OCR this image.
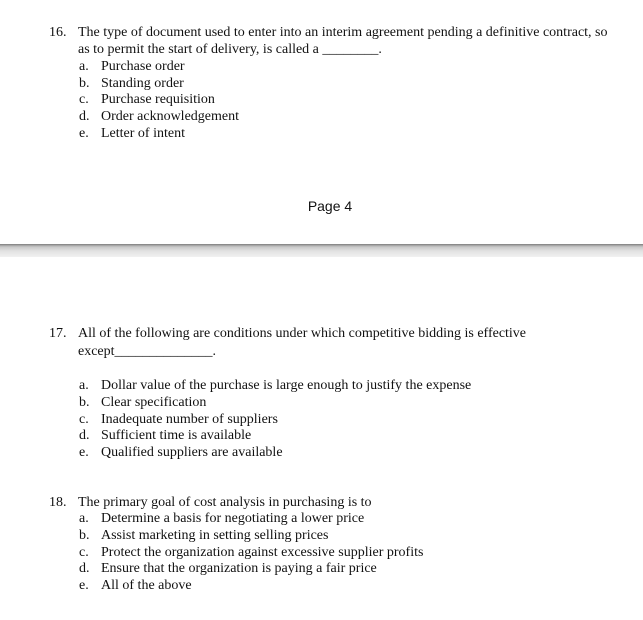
16. The type of document used to enter into an interim agreement pending a definitive contract, so
as to permit the start of delivery, is called a ________.
a. Purchase order
b. Standing order
c. Purchase requisition
d. Order acknowledgement
e. Letter of intent
Page 4
17. All of the following are conditions under which competitive bidding is effective
except______________.
a. Dollar value of the purchase is large enough to justify the expense
b. Clear specification
c. Inadequate number of suppliers
d. Sufficient time is available
e. Qualified suppliers are available
18. The primary goal of cost analysis in purchasing is to
a. Determine a basis for negotiating a lower price
b. Assist marketing in setting selling prices
c. Protect the organization against excessive supplier profits
d. Ensure that the organization is paying a fair price
e. All of the above
